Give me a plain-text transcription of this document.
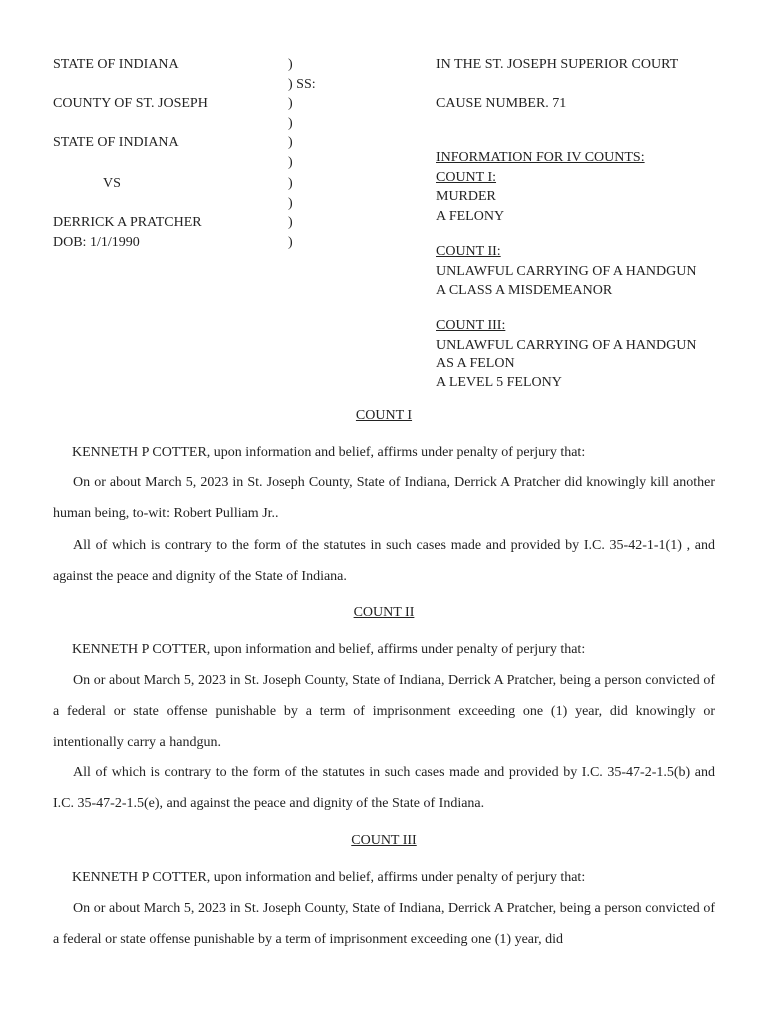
STATE OF INDIANA
COUNTY OF ST. JOSEPH
STATE OF INDIANA
VS
DERRICK A PRATCHER
DOB: 1/1/1990
)
) SS:
)
)
)
)
)
)
)
)
IN THE ST. JOSEPH SUPERIOR COURT
CAUSE NUMBER. 71
INFORMATION FOR IV COUNTS:
COUNT I:
MURDER
A FELONY
COUNT II:
UNLAWFUL CARRYING OF A HANDGUN
A CLASS A MISDEMEANOR
COUNT III:
UNLAWFUL CARRYING OF A HANDGUN
AS A FELON
A LEVEL 5 FELONY
COUNT I
KENNETH P COTTER, upon information and belief, affirms under penalty of perjury that:
On or about March 5, 2023 in St. Joseph County, State of Indiana, Derrick A Pratcher did knowingly kill another human being, to-wit: Robert Pulliam Jr..
All of which is contrary to the form of the statutes in such cases made and provided by I.C. 35-42-1-1(1) , and against the peace and dignity of the State of Indiana.
COUNT II
KENNETH P COTTER, upon information and belief, affirms under penalty of perjury that:
On or about March 5, 2023 in St. Joseph County, State of Indiana, Derrick A Pratcher, being a person convicted of a federal or state offense punishable by a term of imprisonment exceeding one (1) year, did knowingly or intentionally carry a handgun.
All of which is contrary to the form of the statutes in such cases made and provided by I.C. 35-47-2-1.5(b) and I.C. 35-47-2-1.5(e), and against the peace and dignity of the State of Indiana.
COUNT III
KENNETH P COTTER, upon information and belief, affirms under penalty of perjury that:
On or about March 5, 2023 in St. Joseph County, State of Indiana, Derrick A Pratcher, being a person convicted of a federal or state offense punishable by a term of imprisonment exceeding one (1) year, did
